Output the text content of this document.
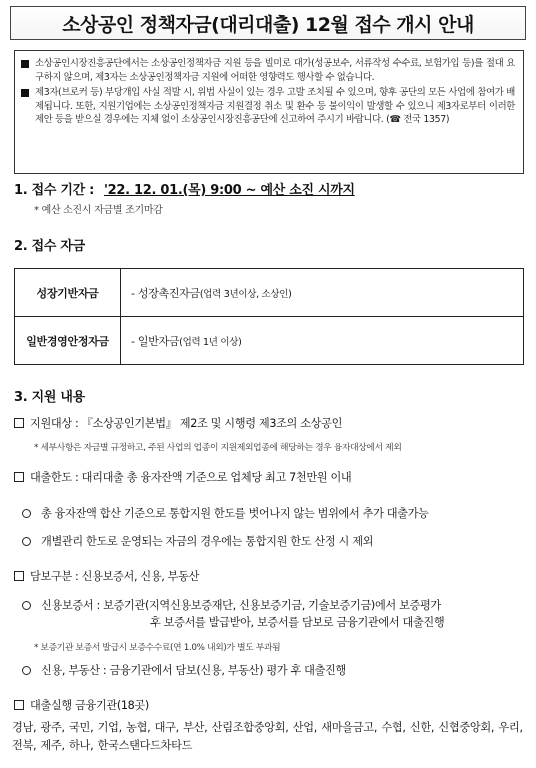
소상공인 정책자금(대리대출) 12월 접수 개시 안내
소상공인시장진흥공단에서는 소상공인정책자금 지원 등을 빌미로 대가(성공보수, 서류작성 수수료, 보험가입 등)를 절대 요구하지 않으며, 제3자는 소상공인정책자금 지원에 어떠한 영향력도 행사할 수 없습니다.
제3자(브로커 등) 부당개입 사실 적발 시, 위법 사실이 있는 경우 고발 조치될 수 있으며, 향후 공단의 모든 사업에 참여가 배제됩니다. 또한, 지원기업에는 소상공인정책자금 지원결정 취소 및 환수 등 불이익이 발생할 수 있으니 제3자로부터 이러한 제안 등을 받으실 경우에는 지체 없이 소상공인시장진흥공단에 신고하여 주시기 바랍니다. (☎ 전국 1357)
1. 접수 기간 : '22. 12. 01.(목) 9:00 ~ 예산 소진 시까지
* 예산 소진시 자금별 조기마감
2. 접수 자금
성장기반자금	- 성장촉진자금(업력 3년이상, 소상인)
일반경영안정자금	- 일반자금(업력 1년 이상)
3. 지원 내용
지원대상 : 『소상공인기본법』 제2조 및 시행령 제3조의 소상공인
* 세부사항은 자금별 규정하고, 주된 사업의 업종이 지원제외업종에 해당하는 경우 융자대상에서 제외
대출한도 : 대리대출 총 융자잔액 기준으로 업체당 최고 7천만원 이내
총 융자잔액 합산 기준으로 통합지원 한도를 벗어나지 않는 범위에서 추가 대출가능
개별관리 한도로 운영되는 자금의 경우에는 통합지원 한도 산정 시 제외
담보구분 : 신용보증서, 신용, 부동산
신용보증서 : 보증기관(지역신용보증재단, 신용보증기금, 기술보증기금)에서 보증평가
후 보증서를 발급받아, 보증서를 담보로 금융기관에서 대출진행
* 보증기관 보증서 발급시 보증수수료(연 1.0% 내외)가 별도 부과됨
신용, 부동산 : 금융기관에서 담보(신용, 부동산) 평가 후 대출진행
대출실행 금융기관(18곳)
경남, 광주, 국민, 기업, 농협, 대구, 부산, 산림조합중앙회, 산업, 새마을금고, 수협, 신한, 신협중앙회, 우리, 전북, 제주, 하나, 한국스탠다드차타드
